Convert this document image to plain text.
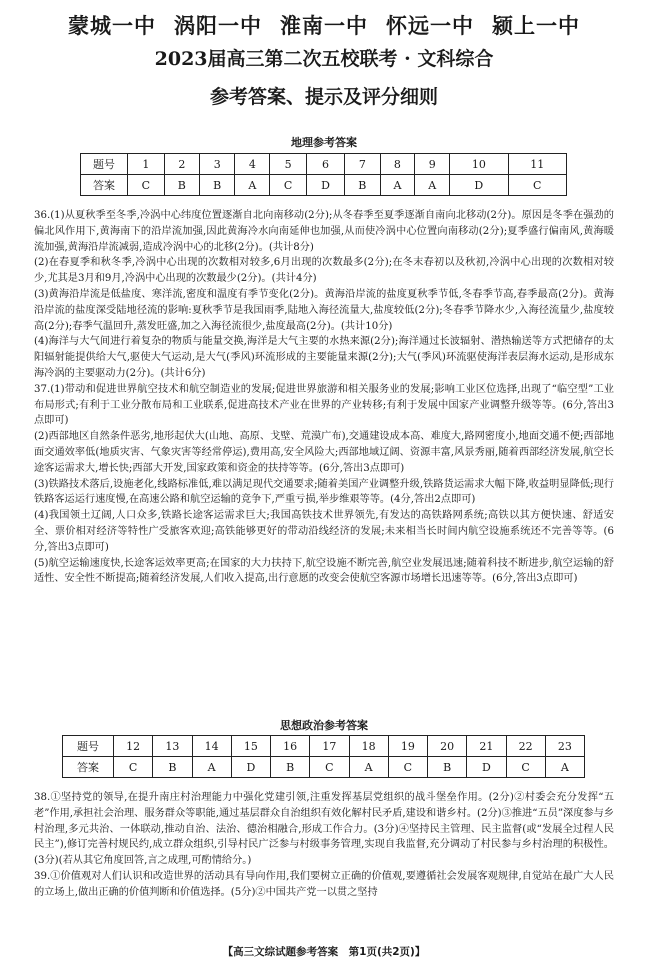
蒙城一中 涡阳一中 淮南一中 怀远一中 颍上一中
2023届高三第二次五校联考 · 文科综合
参考答案、提示及评分细则
地理参考答案
题号	1	2	3	4	5	6	7	8	9	10	11
答案	C	B	B	A	C	D	B	A	A	D	C

36.(1)从夏秋季至冬季,冷涡中心纬度位置逐渐自北向南移动(2分);从冬春季至夏季逐渐自南向北移动(2分)。原因是冬季在强劲的偏北风作用下,黄海南下的沿岸流加强,因此黄海冷水向南延伸也加强,从而使冷涡中心位置向南移动(2分);夏季盛行偏南风,黄海暖流加强,黄海沿岸流减弱,造成冷涡中心的北移(2分)。(共计8分)

(2)在春夏季和秋冬季,冷涡中心出现的次数相对较多,6月出现的次数最多(2分);在冬末春初以及秋初,冷涡中心出现的次数相对较少,尤其是3月和9月,冷涡中心出现的次数最少(2分)。(共计4分)

(3)黄海沿岸流是低盐度、寒洋流,密度和温度有季节变化(2分)。黄海沿岸流的盐度夏秋季节低,冬春季节高,春季最高(2分)。黄海沿岸流的盐度深受陆地径流的影响:夏秋季节是我国雨季,陆地入海径流量大,盐度较低(2分);冬春季节降水少,入海径流量少,盐度较高(2分);春季气温回升,蒸发旺盛,加之入海径流很少,盐度最高(2分)。(共计10分)

(4)海洋与大气间进行着复杂的物质与能量交换,海洋是大气主要的水热来源(2分);海洋通过长波辐射、潜热输送等方式把储存的太阳辐射能提供给大气,驱使大气运动,是大气(季风)环流形成的主要能量来源(2分);大气(季风)环流驱使海洋表层海水运动,是形成东海冷涡的主要驱动力(2分)。(共计6分)

37.(1)带动和促进世界航空技术和航空制造业的发展;促进世界旅游和相关服务业的发展;影响工业区位选择,出现了“临空型”工业布局形式;有利于工业分散布局和工业联系,促进高技术产业在世界的产业转移;有利于发展中国家产业调整升级等等。(6分,答出3点即可)

(2)西部地区自然条件恶劣,地形起伏大(山地、高原、戈壁、荒漠广布),交通建设成本高、难度大,路网密度小,地面交通不便;西部地面交通效率低(地质灾害、气象灾害等经常停运),费用高,安全风险大;西部地域辽阔、资源丰富,风景秀丽,随着西部经济发展,航空长途客运需求大,增长快;西部大开发,国家政策和资金的扶持等等。(6分,答出3点即可)

(3)铁路技术落后,设施老化,线路标准低,难以满足现代交通要求;随着美国产业调整升级,铁路货运需求大幅下降,收益明显降低;现行铁路客运运行速度慢,在高速公路和航空运输的竞争下,严重亏损,举步维艰等等。(4分,答出2点即可)

(4)我国领土辽阔,人口众多,铁路长途客运需求巨大;我国高铁技术世界领先,有发达的高铁路网系统;高铁以其方便快速、舒适安全、票价相对经济等特性广受旅客欢迎;高铁能够更好的带动沿线经济的发展;未来相当长时间内航空设施系统还不完善等等。(6分,答出3点即可)

(5)航空运输速度快,长途客运效率更高;在国家的大力扶持下,航空设施不断完善,航空业发展迅速;随着科技不断进步,航空运输的舒适性、安全性不断提高;随着经济发展,人们收入提高,出行意愿的改变会使航空客源市场增长迅速等等。(6分,答出3点即可)

思想政治参考答案
题号	12	13	14	15	16	17	18	19	20	21	22	23
答案	C	B	A	D	B	C	A	C	B	D	C	A

38.①坚持党的领导,在提升南庄村治理能力中强化党建引领,注重发挥基层党组织的战斗堡垒作用。(2分)②村委会充分发挥“五老”作用,承担社会治理、服务群众等职能,通过基层群众自治组织有效化解村民矛盾,建设和谐乡村。(2分)③推进“五员”深度参与乡村治理,多元共治、一体联动,推动自治、法治、德治相融合,形成工作合力。(3分)④坚持民主管理、民主监督(或“发展全过程人民民主”),修订完善村规民约,成立群众组织,引导村民广泛参与村级事务管理,实现自我监督,充分调动了村民参与乡村治理的积极性。(3分)(若从其它角度回答,言之成理,可酌情给分。)

39.①价值观对人们认识和改造世界的活动具有导向作用,我们要树立正确的价值观,要遵循社会发展客观规律,自觉站在最广大人民的立场上,做出正确的价值判断和价值选择。(5分)②中国共产党一以贯之坚持

【高三文综试题参考答案　第1页(共2页)】
